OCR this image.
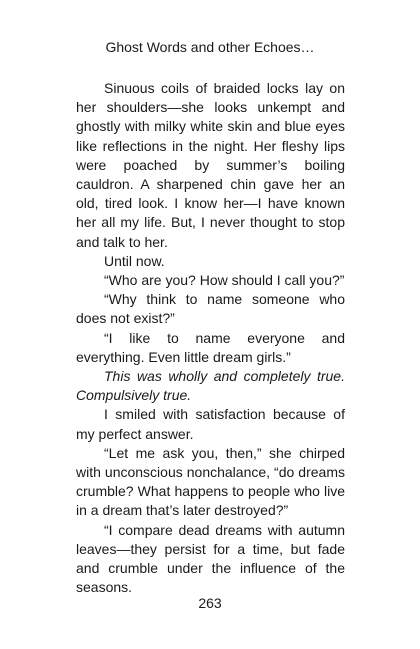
Ghost Words and other Echoes…

Sinuous coils of braided locks lay on her shoulders—she looks unkempt and ghostly with milky white skin and blue eyes like reflections in the night. Her fleshy lips were poached by summer’s boiling cauldron. A sharpened chin gave her an old, tired look. I know her—I have known her all my life. But, I never thought to stop and talk to her.

Until now.

“Who are you? How should I call you?”

“Why think to name someone who does not exist?”

“I like to name everyone and everything. Even little dream girls.”

This was wholly and completely true. Compulsively true.

I smiled with satisfaction because of my perfect answer.

“Let me ask you, then,” she chirped with unconscious nonchalance, “do dreams crumble? What happens to people who live in a dream that’s later destroyed?”

“I compare dead dreams with autumn leaves—they persist for a time, but fade and crumble under the influence of the seasons.

263
